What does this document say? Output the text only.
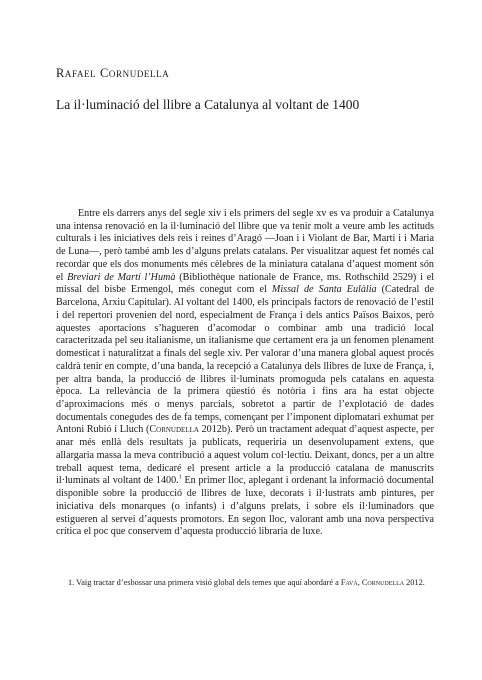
Rafael Cornudella
La il·luminació del llibre a Catalunya al voltant de 1400

Entre els darrers anys del segle xiv i els primers del segle xv es va produir a Catalunya una intensa renovació en la il·luminació del llibre que va tenir molt a veure amb les actituds culturals i les iniciatives dels reis i reines d’Aragó —Joan i i Violant de Bar, Martí i i Maria de Luna—, però també amb les d’alguns prelats catalans. Per visualitzar aquest fet només cal recordar que els dos monuments més cèlebres de la miniatura catalana d’aquest moment són el Breviari de Martí l’Humà (Bibliothèque nationale de France, ms. Rothschild 2529) i el missal del bisbe Ermengol, més conegut com el Missal de Santa Eulàlia (Catedral de Barcelona, Arxiu Capitular). Al voltant del 1400, els principals factors de renovació de l’estil i del repertori provenien del nord, especialment de França i dels antics Països Baixos, però aquestes aportacions s’hagueren d’acomodar o combinar amb una tradició local caracteritzada pel seu italianisme, un italianisme que certament era ja un fenomen plenament domesticat i naturalitzat a finals del segle xiv. Per valorar d’una manera global aquest procés caldrà tenir en compte, d’una banda, la recepció a Catalunya dels llibres de luxe de França, i, per altra banda, la producció de llibres il·luminats promoguda pels catalans en aquesta època. La rellevància de la primera qüestió és notòria i fins ara ha estat objecte d’aproximacions més o menys parcials, sobretot a partir de l’explotació de dades documentals conegudes des de fa temps, començant per l’imponent diplomatari exhumat per Antoni Rubió i Lluch (Cornudella 2012b). Però un tractament adequat d’aquest aspecte, per anar més enllà dels resultats ja publicats, requeriria un desenvolupament extens, que allargaria massa la meva contribució a aquest volum col·lectiu. Deixant, doncs, per a un altre treball aquest tema, dedicaré el present article a la producció catalana de manuscrits il·luminats al voltant de 1400.$^1$ En primer lloc, aplegant i ordenant la informació documental disponible sobre la producció de llibres de luxe, decorats i il·lustrats amb pintures, per iniciativa dels monarques (o infants) i d’alguns prelats, i sobre els il·luminadors que estigueren al servei d’aquests promotors. En segon lloc, valorant amb una nova perspectiva crítica el poc que conservem d’aquesta producció libraria de luxe.

1. Vaig tractar d’esbossar una primera visió global dels temes que aquí abordaré a Favà, Cornudella 2012.
